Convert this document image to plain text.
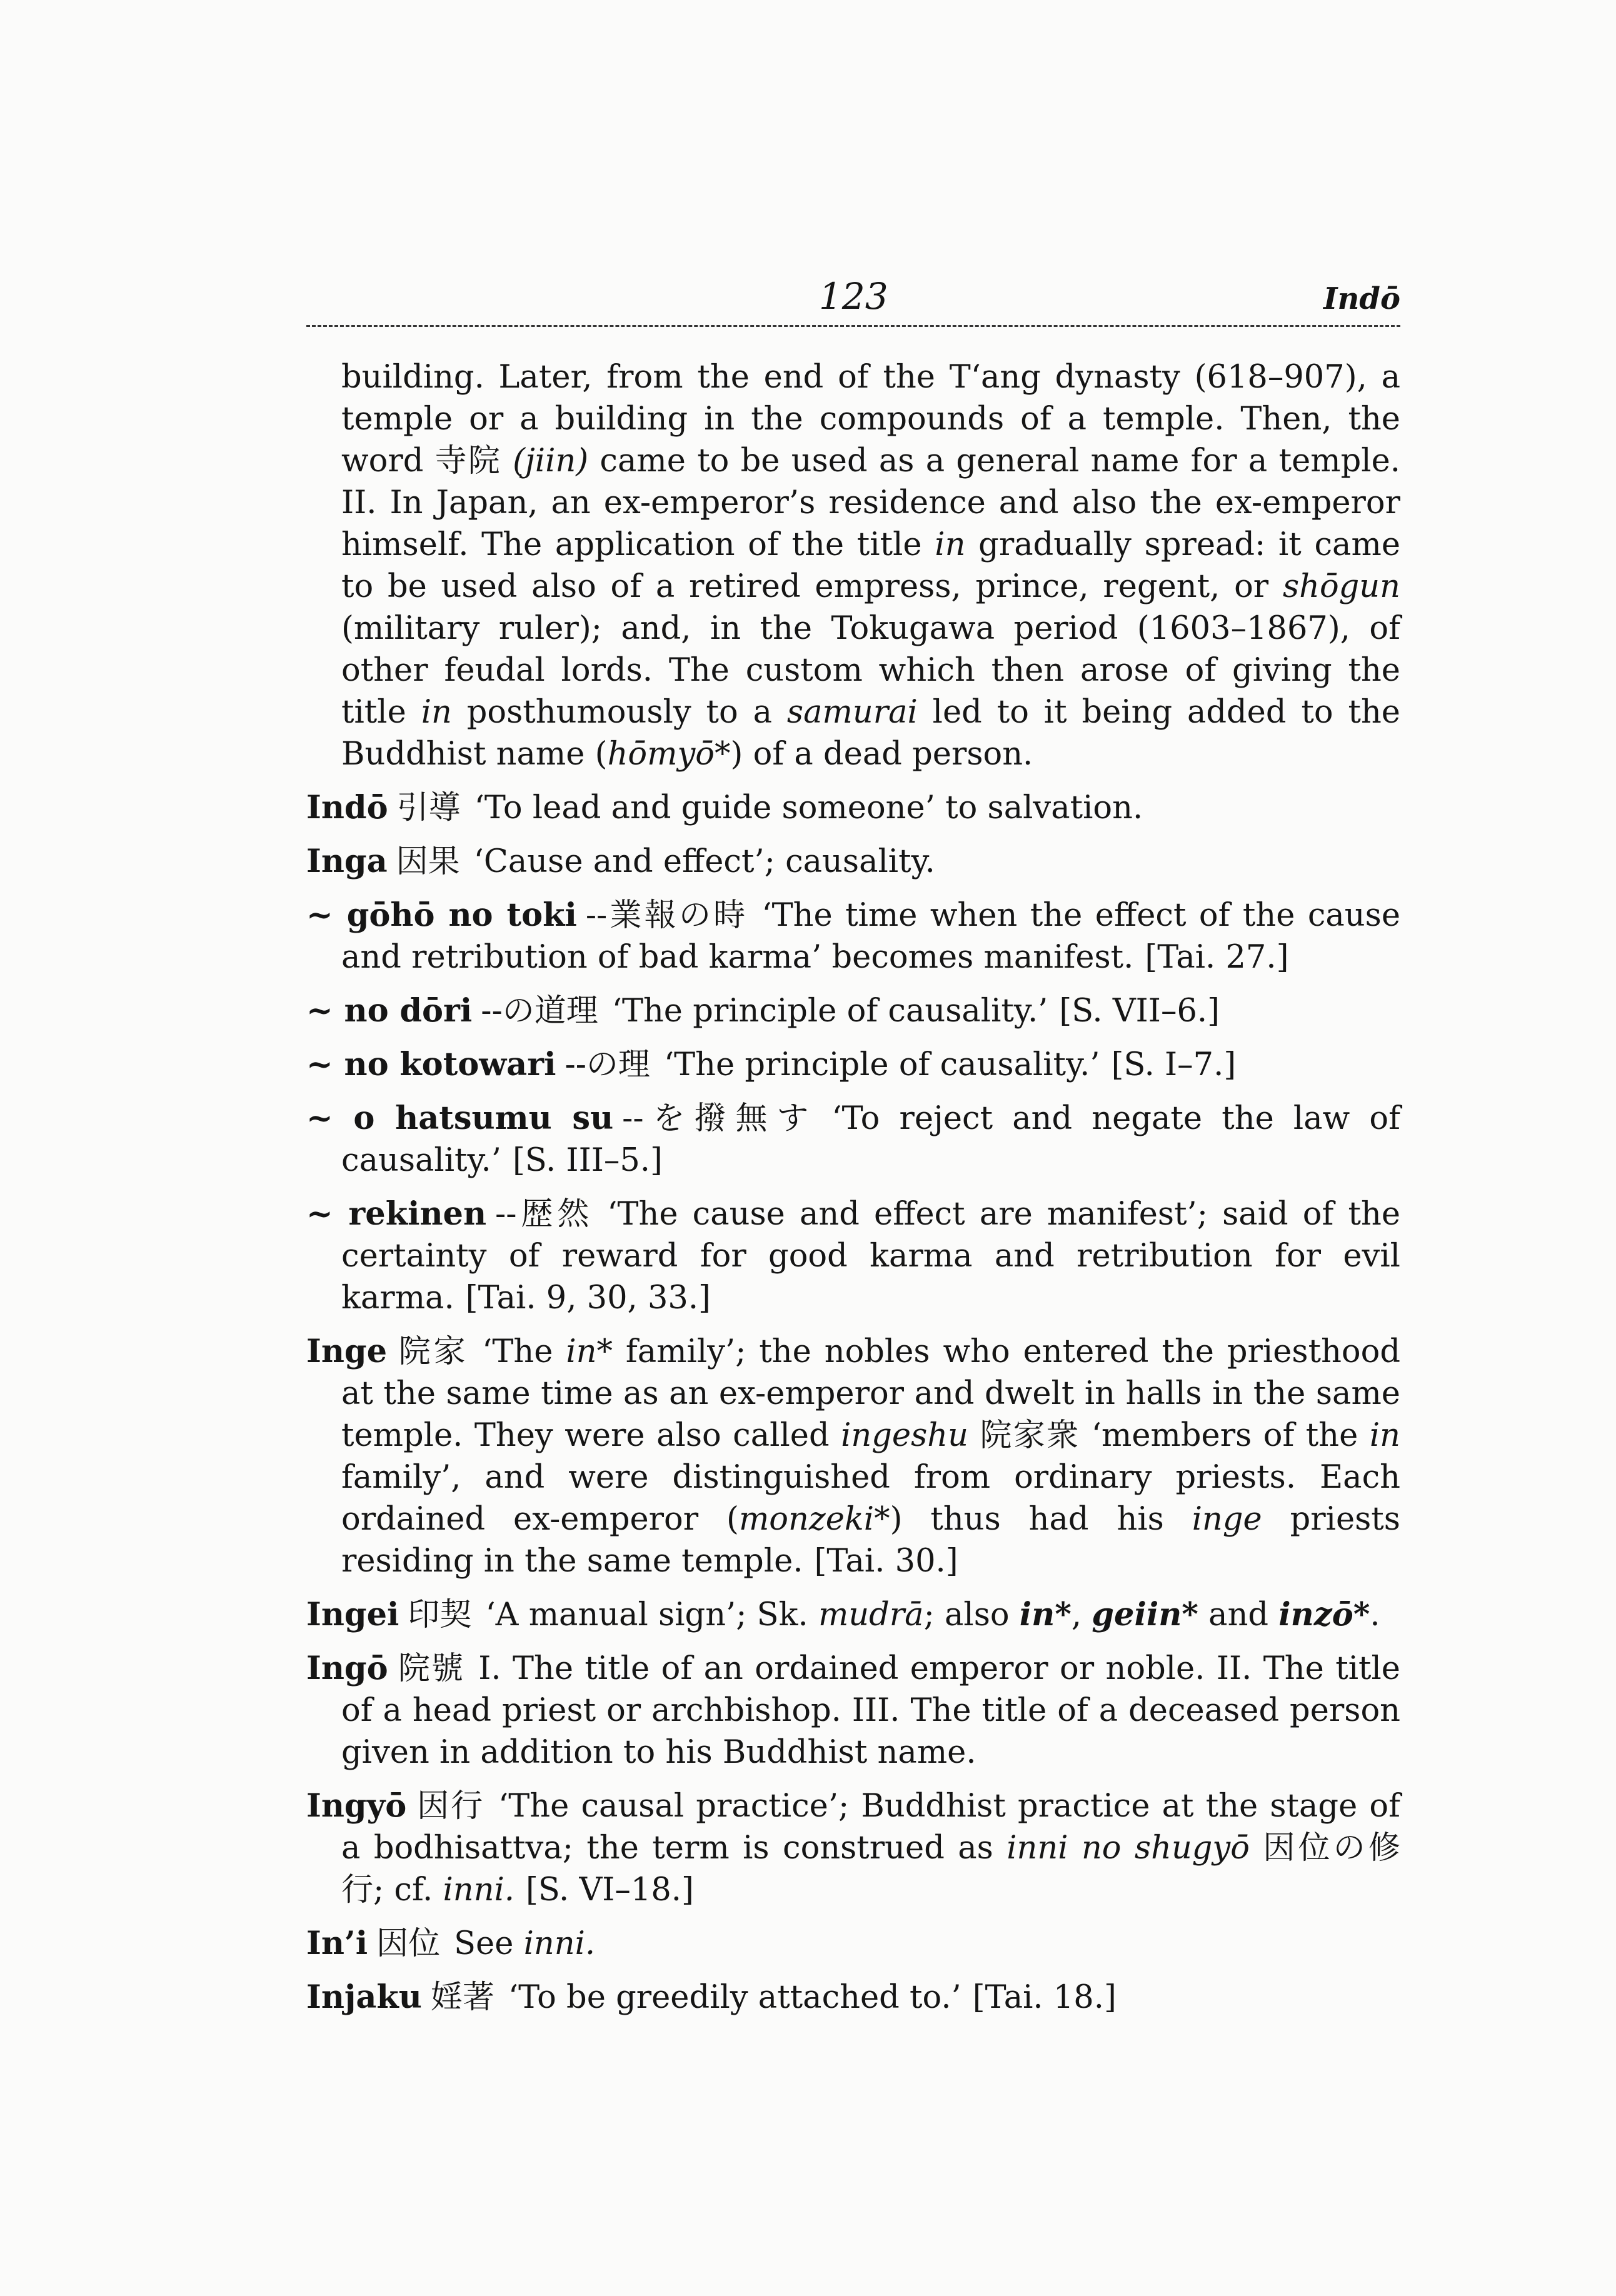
123	Indō

building. Later, from the end of the T‘ang dynasty (618–907), a temple or a building in the compounds of a temple. Then, the word 寺院 (jiin) came to be used as a general name for a temple. II. In Japan, an ex-emperor’s residence and also the ex-emperor himself. The application of the title in gradually spread: it came to be used also of a retired empress, prince, regent, or shōgun (military ruler); and, in the Tokugawa period (1603–1867), of other feudal lords. The custom which then arose of giving the title in posthumously to a samurai led to it being added to the Buddhist name (hōmyō*) of a dead person.

Indō 引導 ‘To lead and guide someone’ to salvation.

Inga 因果 ‘Cause and effect’; causality.

~ gōhō no toki --業報の時 ‘The time when the effect of the cause and retribution of bad karma’ becomes manifest. [Tai. 27.]

~ no dōri --の道理 ‘The principle of causality.’ [S. VII–6.]

~ no kotowari --の理 ‘The principle of causality.’ [S. I–7.]

~ o hatsumu su --を撥無す ‘To reject and negate the law of causality.’ [S. III–5.]

~ rekinen --歴然 ‘The cause and effect are manifest’; said of the certainty of reward for good karma and retribution for evil karma. [Tai. 9, 30, 33.]

Inge 院家 ‘The in* family’; the nobles who entered the priesthood at the same time as an ex-emperor and dwelt in halls in the same temple. They were also called ingeshu 院家衆 ‘members of the in family’, and were distinguished from ordinary priests. Each ordained ex-emperor (monzeki*) thus had his inge priests residing in the same temple. [Tai. 30.]

Ingei 印契 ‘A manual sign’; Sk. mudrā; also in*, geiin* and inzō*.

Ingō 院號 I. The title of an ordained emperor or noble. II. The title of a head priest or archbishop. III. The title of a deceased person given in addition to his Buddhist name.

Ingyō 因行 ‘The causal practice’; Buddhist practice at the stage of a bodhisattva; the term is construed as inni no shugyō 因位の修行; cf. inni. [S. VI–18.]

In’i 因位 See inni.

Injaku 婬著 ‘To be greedily attached to.’ [Tai. 18.]
